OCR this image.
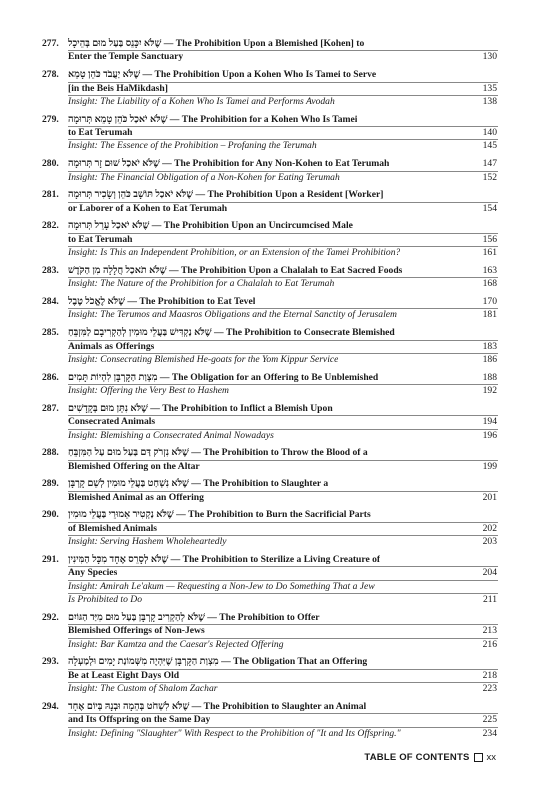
277. שֶׁלֹּא יִכָּנֵס בַּעַל מוּם בְּהֵיכָל — The Prohibition Upon a Blemished [Kohen] to
Enter the Temple Sanctuary	130
278. שֶׁלֹּא יַעֲבֹד כֹּהֵן טָמֵא — The Prohibition Upon a Kohen Who Is Tamei to Serve
[in the Beis HaMikdash]	135
Insight: The Liability of a Kohen Who Is Tamei and Performs Avodah	138
279. שֶׁלֹּא יֹאכַל כֹּהֵן טָמֵא תְּרוּמָה — The Prohibition for a Kohen Who Is Tamei
to Eat Terumah	140
Insight: The Essence of the Prohibition – Profaning the Terumah	145
280. שֶׁלֹּא יֹאכַל שׁוּם זָר תְּרוּמָה — The Prohibition for Any Non-Kohen to Eat Terumah	147
Insight: The Financial Obligation of a Non-Kohen for Eating Terumah	152
281. שֶׁלֹּא יֹאכַל תּוֹשָׁב כֹּהֵן וְשָׂכִיר תְּרוּמָה — The Prohibition Upon a Resident [Worker]
or Laborer of a Kohen to Eat Terumah	154
282. שֶׁלֹּא יֹאכַל עָרֵל תְּרוּמָה — The Prohibition Upon an Uncircumcised Male
to Eat Terumah	156
Insight: Is This an Independent Prohibition, or an Extension of the Tamei Prohibition?	161
283. שֶׁלֹּא תֹאכַל חֲלָלָה מִן הַקֹּדֶשׁ — The Prohibition Upon a Chalalah to Eat Sacred Foods	163
Insight: The Nature of the Prohibition for a Chalalah to Eat Terumah	168
284. שֶׁלֹּא לֶאֱכֹל טֶבֶל — The Prohibition to Eat Tevel	170
Insight: The Terumos and Maasros Obligations and the Eternal Sanctity of Jerusalem	181
285. שֶׁלֹּא נַקְדִּישׁ בַּעֲלֵי מוּמִין לְהַקְרִיבָם לַמִּזְבֵּחַ — The Prohibition to Consecrate Blemished
Animals as Offerings	183
Insight: Consecrating Blemished He-goats for the Yom Kippur Service	186
286. מִצְוַת הַקָּרְבָּן לִהְיוֹת תָּמִים — The Obligation for an Offering to Be Unblemished	188
Insight: Offering the Very Best to Hashem	192
287. שֶׁלֹּא נִתֵּן מוּם בְּקָדָשִׁים — The Prohibition to Inflict a Blemish Upon
Consecrated Animals	194
Insight: Blemishing a Consecrated Animal Nowadays	196
288. שֶׁלֹּא נִזְרֹק דַּם בַּעַל מוּם עַל הַמִּזְבֵּחַ — The Prohibition to Throw the Blood of a
Blemished Offering on the Altar	199
289. שֶׁלֹּא נִשְׁחַט בַּעֲלֵי מוּמִין לְשֵׁם קָרְבָּן — The Prohibition to Slaughter a
Blemished Animal as an Offering	201
290. שֶׁלֹּא נַקְטִיר אֵמוּרֵי בַּעֲלֵי מוּמִין — The Prohibition to Burn the Sacrificial Parts
of Blemished Animals	202
Insight: Serving Hashem Wholeheartedly	203
291. שֶׁלֹּא לְסָרֵס אֶחָד מִכָּל הַמִּינִין — The Prohibition to Sterilize a Living Creature of
Any Species	204
Insight: Amirah Le'akum — Requesting a Non-Jew to Do Something That a Jew
Is Prohibited to Do	211
292. שֶׁלֹּא לְהַקְרִיב קָרְבָּן בַּעַל מוּם מִיַּד הַגּוֹיִם — The Prohibition to Offer
Blemished Offerings of Non-Jews	213
Insight: Bar Kamtza and the Caesar's Rejected Offering	216
293. מִצְוַת הַקָּרְבָּן שֶׁיִּהְיֶה מִשְּׁמוֹנַת יָמִים וּלְמַעְלָה — The Obligation That an Offering
Be at Least Eight Days Old	218
Insight: The Custom of Shalom Zachar	223
294. שֶׁלֹּא לִשְׁחֹט בְּהֵמָה וּבְנָהּ בְּיוֹם אֶחָד — The Prohibition to Slaughter an Animal
and Its Offspring on the Same Day	225
Insight: Defining "Slaughter" With Respect to the Prohibition of "It and Its Offspring."	234
TABLE OF CONTENTS xx
